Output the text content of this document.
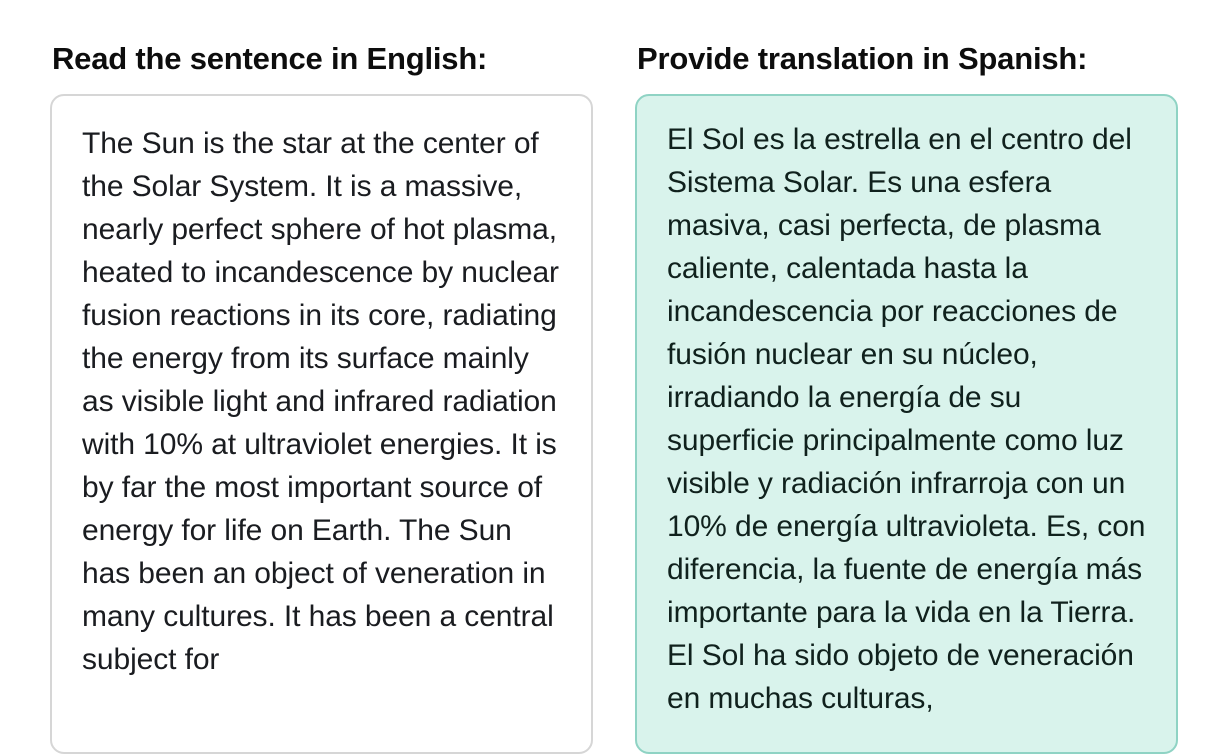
Read the sentence in English:

The Sun is the star at the center of the Solar System. It is a massive, nearly perfect sphere of hot plasma, heated to incandescence by nuclear fusion reactions in its core, radiating the energy from its surface mainly as visible light and infrared radiation with 10% at ultraviolet energies. It is by far the most important source of energy for life on Earth. The Sun has been an object of veneration in many cultures. It has been a central subject for

Provide translation in Spanish:

El Sol es la estrella en el centro del Sistema Solar. Es una esfera masiva, casi perfecta, de plasma caliente, calentada hasta la incandescencia por reacciones de fusión nuclear en su núcleo, irradiando la energía de su superficie principalmente como luz visible y radiación infrarroja con un 10% de energía ultravioleta. Es, con diferencia, la fuente de energía más importante para la vida en la Tierra. El Sol ha sido objeto de veneración en muchas culturas,
